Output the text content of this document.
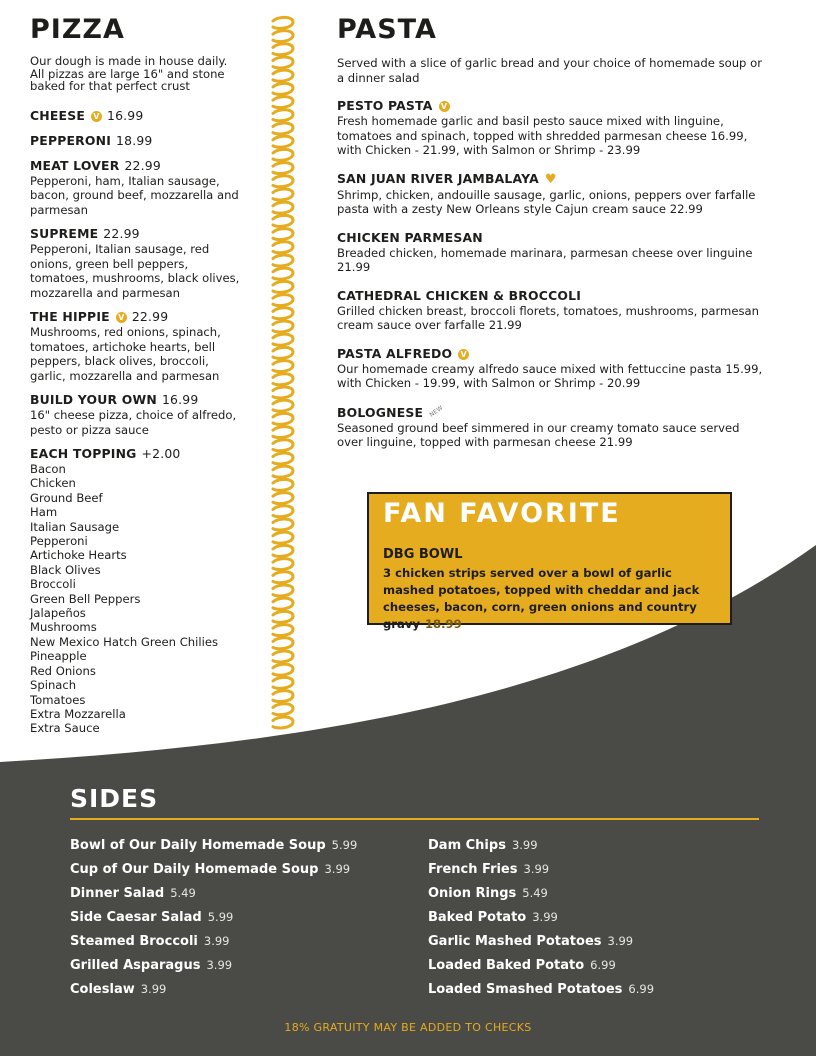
PIZZA
Our dough is made in house daily. All pizzas are large 16" and stone baked for that perfect crust
CHEESE V 16.99
PEPPERONI 18.99
MEAT LOVER 22.99
Pepperoni, ham, Italian sausage, bacon, ground beef, mozzarella and parmesan
SUPREME 22.99
Pepperoni, Italian sausage, red onions, green bell peppers, tomatoes, mushrooms, black olives, mozzarella and parmesan
THE HIPPIE V 22.99
Mushrooms, red onions, spinach, tomatoes, artichoke hearts, bell peppers, black olives, broccoli, garlic, mozzarella and parmesan
BUILD YOUR OWN 16.99
16" cheese pizza, choice of alfredo, pesto or pizza sauce
EACH TOPPING +2.00
Bacon
Chicken
Ground Beef
Ham
Italian Sausage
Pepperoni
Artichoke Hearts
Black Olives
Broccoli
Green Bell Peppers
Jalapeños
Mushrooms
New Mexico Hatch Green Chilies
Pineapple
Red Onions
Spinach
Tomatoes
Extra Mozzarella
Extra Sauce
PASTA
Served with a slice of garlic bread and your choice of homemade soup or a dinner salad
PESTO PASTA V
Fresh homemade garlic and basil pesto sauce mixed with linguine, tomatoes and spinach, topped with shredded parmesan cheese 16.99, with Chicken - 21.99, with Salmon or Shrimp - 23.99
SAN JUAN RIVER JAMBALAYA ♥
Shrimp, chicken, andouille sausage, garlic, onions, peppers over farfalle pasta with a zesty New Orleans style Cajun cream sauce 22.99
CHICKEN PARMESAN
Breaded chicken, homemade marinara, parmesan cheese over linguine 21.99
CATHEDRAL CHICKEN & BROCCOLI
Grilled chicken breast, broccoli florets, tomatoes, mushrooms, parmesan cream sauce over farfalle 21.99
PASTA ALFREDO V
Our homemade creamy alfredo sauce mixed with fettuccine pasta 15.99, with Chicken - 19.99, with Salmon or Shrimp - 20.99
BOLOGNESE NEW
Seasoned ground beef simmered in our creamy tomato sauce served over linguine, topped with parmesan cheese 21.99
FAN FAVORITE
DBG BOWL
3 chicken strips served over a bowl of garlic mashed potatoes, topped with cheddar and jack cheeses, bacon, corn, green onions and country gravy 18.99
SIDES
Bowl of Our Daily Homemade Soup 5.99
Cup of Our Daily Homemade Soup 3.99
Dinner Salad 5.49
Side Caesar Salad 5.99
Steamed Broccoli 3.99
Grilled Asparagus 3.99
Coleslaw 3.99
Dam Chips 3.99
French Fries 3.99
Onion Rings 5.49
Baked Potato 3.99
Garlic Mashed Potatoes 3.99
Loaded Baked Potato 6.99
Loaded Smashed Potatoes 6.99
18% GRATUITY MAY BE ADDED TO CHECKS
